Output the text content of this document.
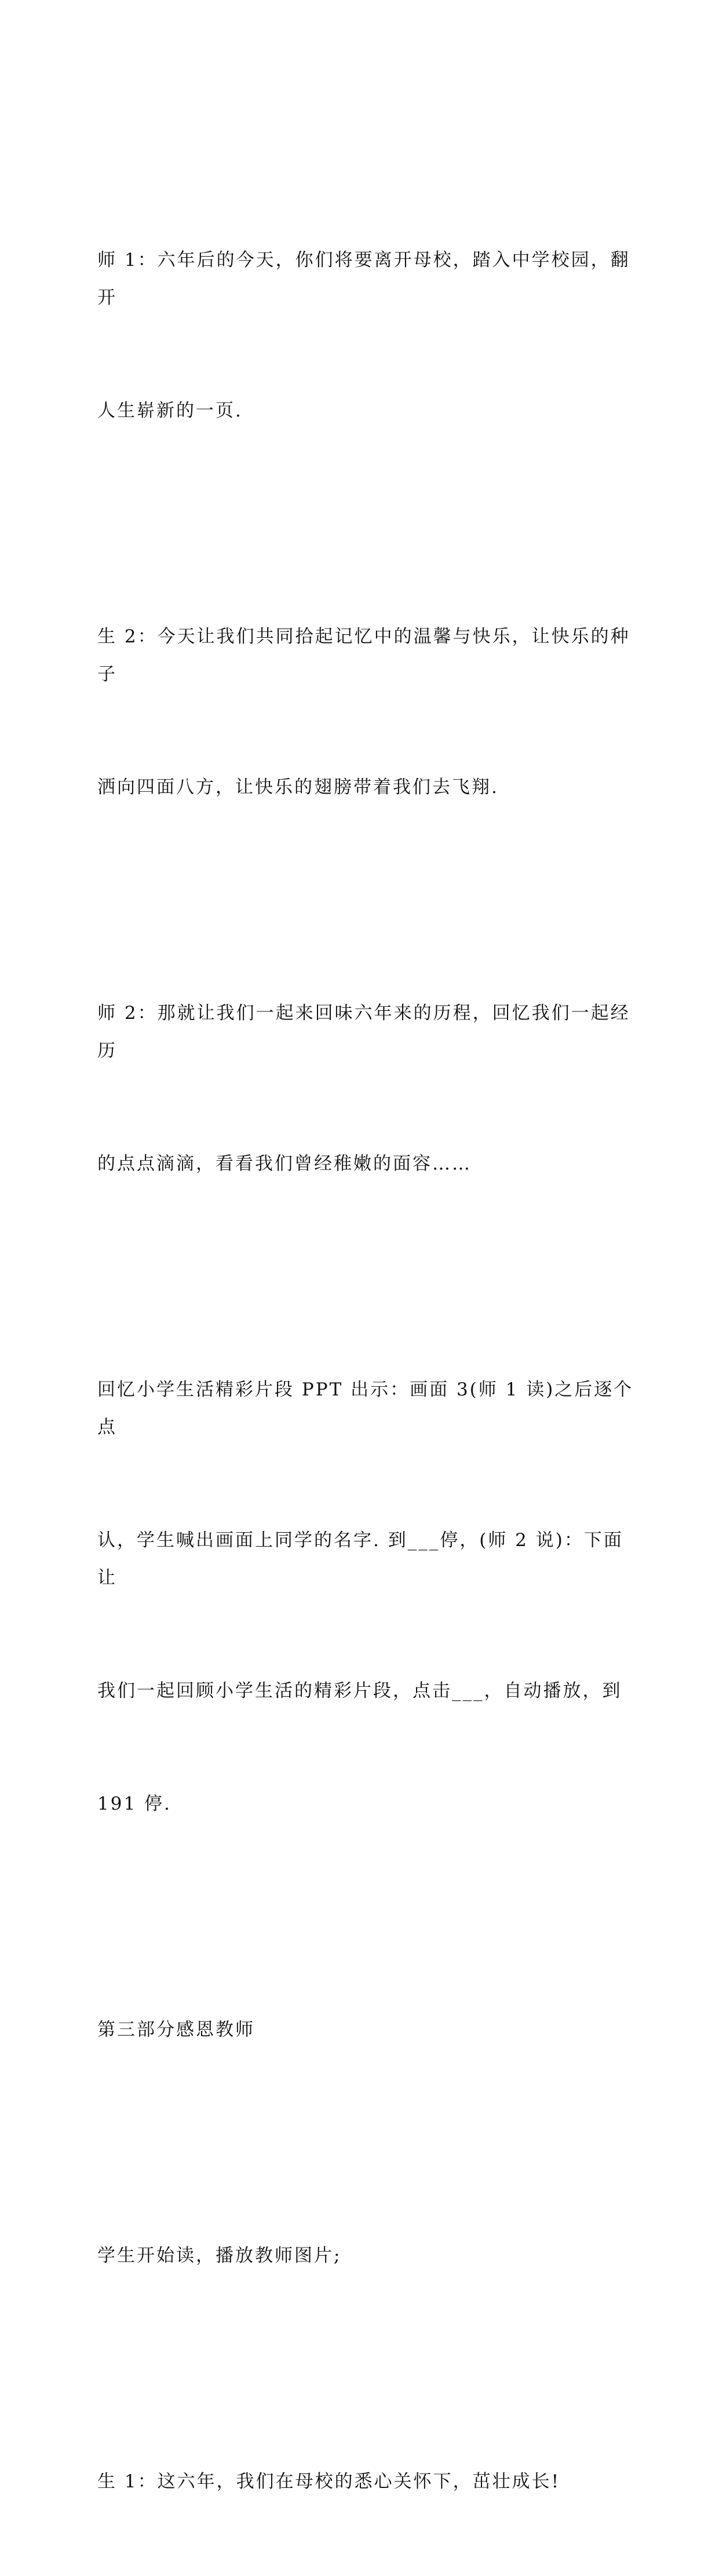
师 1：六年后的今天，你们将要离开母校，踏入中学校园，翻开

人生崭新的一页.

生 2：今天让我们共同拾起记忆中的温馨与快乐，让快乐的种子

洒向四面八方，让快乐的翅膀带着我们去飞翔.

师 2：那就让我们一起来回味六年来的历程，回忆我们一起经历

的点点滴滴，看看我们曾经稚嫩的面容……

回忆小学生活精彩片段 PPT 出示：画面 3(师 1 读)之后逐个点

认，学生喊出画面上同学的名字. 到___停，(师 2 说)：下面让

我们一起回顾小学生活的精彩片段，点击___，自动播放，到

191 停.

第三部分感恩教师

学生开始读，播放教师图片;

生 1：这六年，我们在母校的悉心关怀下，茁壮成长!
